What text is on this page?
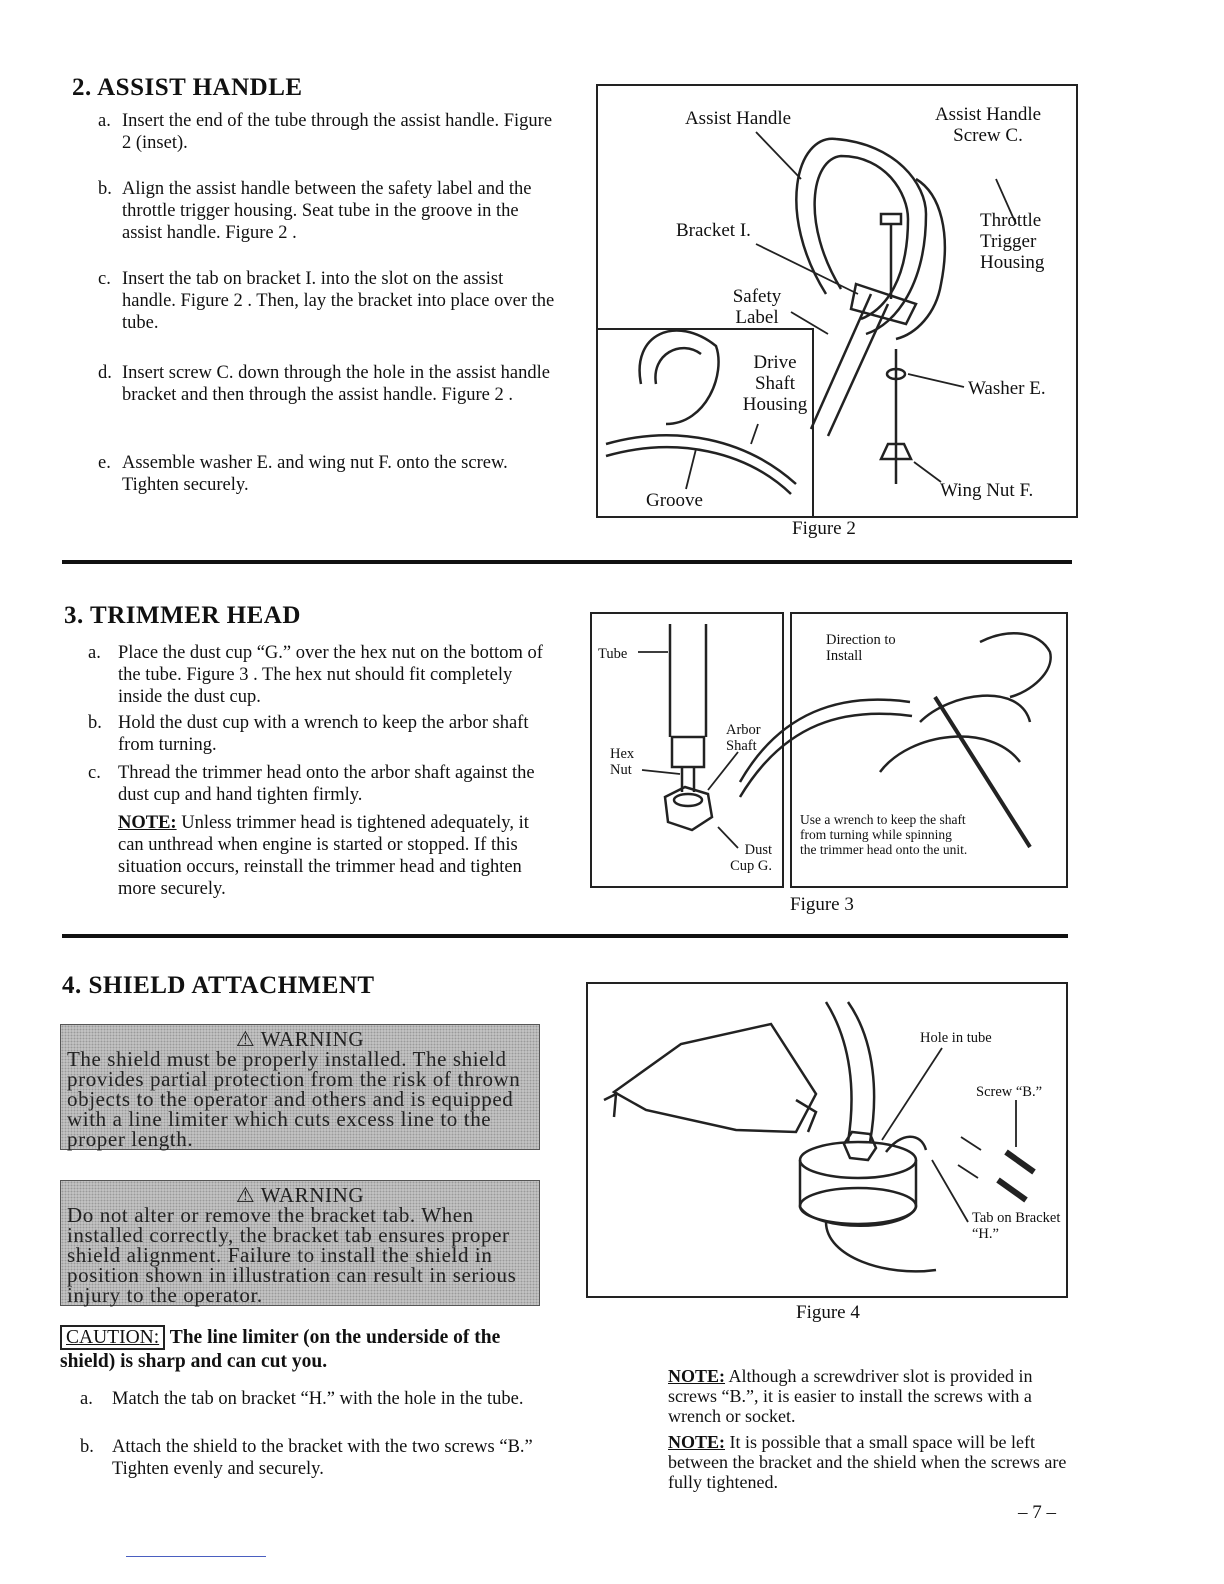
2. ASSIST HANDLE
a. Insert the end of the tube through the assist handle. Figure 2 (inset).
b. Align the assist handle between the safety label and the throttle trigger housing. Seat tube in the groove in the assist handle. Figure 2 .
c. Insert the tab on bracket I. into the slot on the assist handle. Figure 2 . Then, lay the bracket into place over the tube.
d. Insert screw C. down through the hole in the assist handle bracket and then through the assist handle. Figure 2 .
e. Assemble washer E. and wing nut F. onto the screw. Tighten securely.
Assist Handle	Assist Handle Screw C.
Throttle Trigger Housing
Bracket I.
Safety Label
Drive Shaft Housing
Washer E.
Groove	Wing Nut F.
Figure 2
3. TRIMMER HEAD
a. Place the dust cup “G.” over the hex nut on the bottom of the tube. Figure 3 . The hex nut should fit completely inside the dust cup.
b. Hold the dust cup with a wrench to keep the arbor shaft from turning.
c. Thread the trimmer head onto the arbor shaft against the dust cup and hand tighten firmly.
NOTE: Unless trimmer head is tightened adequately, it can unthread when engine is started or stopped. If this situation occurs, reinstall the trimmer head and tighten more securely.
Tube
Hex Nut
Arbor Shaft
Dust Cup G.
Direction to Install
Use a wrench to keep the shaft from turning while spinning the trimmer head onto the unit.
Figure 3
4. SHIELD ATTACHMENT
⚠ WARNING
The shield must be properly installed. The shield provides partial protection from the risk of thrown objects to the operator and others and is equipped with a line limiter which cuts excess line to the proper length.
⚠ WARNING
Do not alter or remove the bracket tab. When installed correctly, the bracket tab ensures proper shield alignment. Failure to install the shield in position shown in illustration can result in serious injury to the operator.
CAUTION: The line limiter (on the underside of the shield) is sharp and can cut you.
a.	Match the tab on bracket “H.” with the hole in the tube.
b. Attach the shield to the bracket with the two screws “B.” Tighten evenly and securely.
Hole in tube
Screw “B.”
Tab on Bracket “H.”
Figure 4
NOTE: Although a screwdriver slot is provided in screws “B.”, it is easier to install the screws with a wrench or socket.
NOTE: It is possible that a small space will be left between the bracket and the shield when the screws are fully tightened.
– 7 –
